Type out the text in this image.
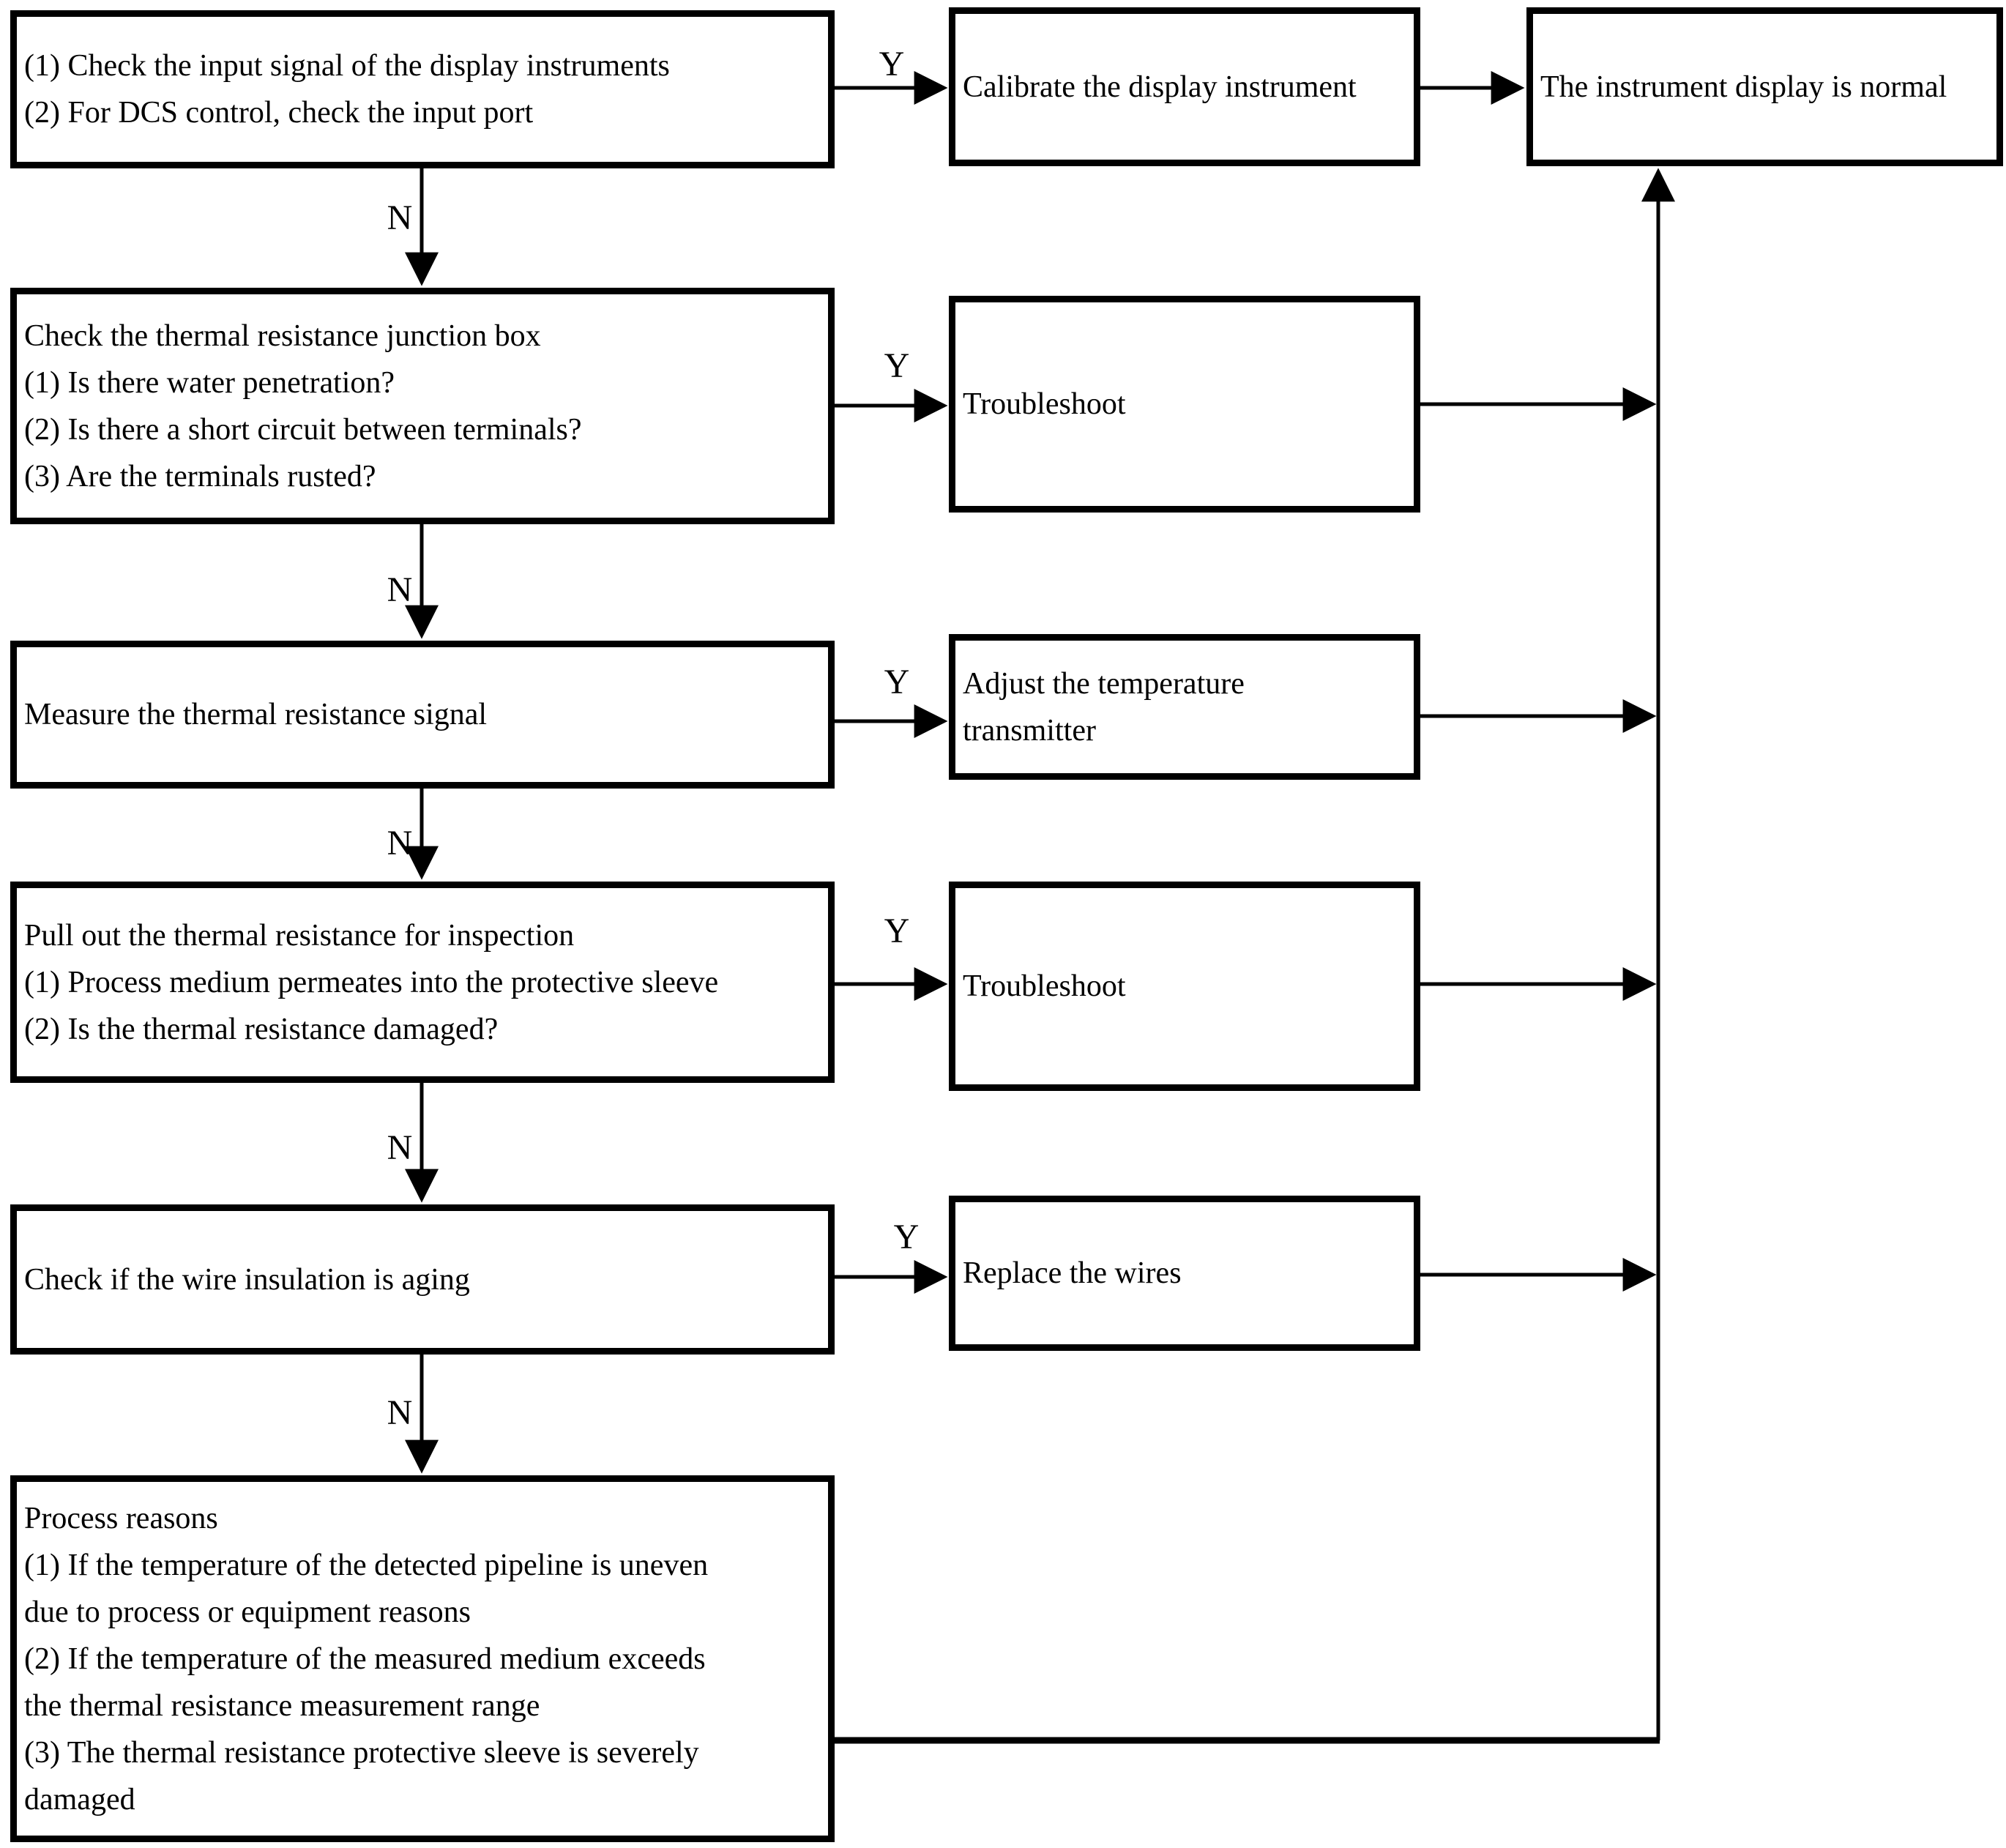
(1) Check the input signal of the display instruments
(2) For DCS control, check the input port
Calibrate the display instrument	The instrument display is normal
Check the thermal resistance junction box
(1) Is there water penetration?
(2) Is there a short circuit between terminals?
(3) Are the terminals rusted?
Troubleshoot
Measure the thermal resistance signal
Adjust the temperature
transmitter
Pull out the thermal resistance for inspection
(1) Process medium permeates into the protective sleeve
(2) Is the thermal resistance damaged?
Troubleshoot
Check if the wire insulation is aging	Replace the wires
Process reasons
(1) If the temperature of the detected pipeline is uneven
due to process or equipment reasons
(2) If the temperature of the measured medium exceeds
the thermal resistance measurement range
(3) The thermal resistance protective sleeve is severely
damaged
Y
Y
Y
Y
Y
N
N
N
N
N
